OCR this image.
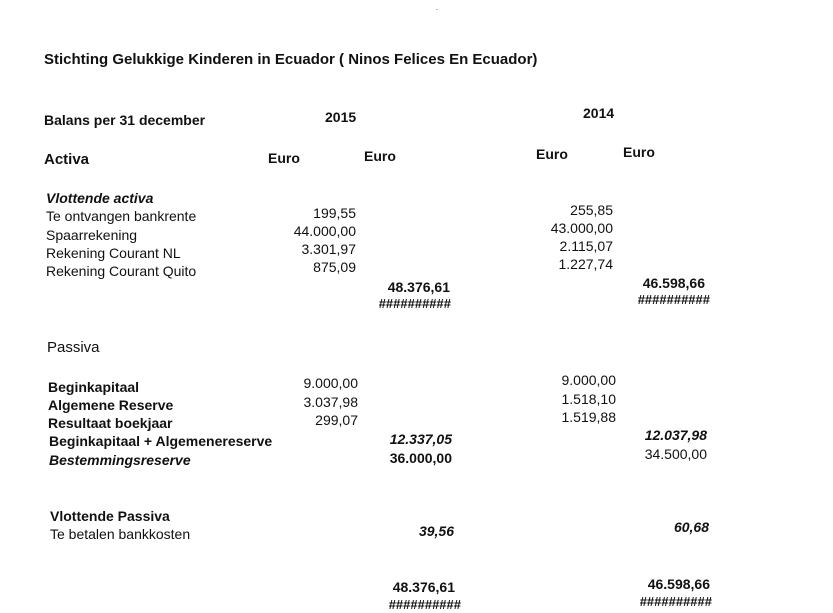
Stichting Gelukkige Kinderen in Ecuador ( Ninos Felices En Ecuador)
Balans per 31 december	2015	2014
Activa	Euro	Euro	Euro	Euro
Vlottende activa
Te ontvangen bankrente	199,55	255,85
Spaarrekening	44.000,00	43.000,00
Rekening Courant NL	3.301,97	2.115,07
Rekening Courant Quito	875,09	1.227,74
48.376,61	46.598,66
##########	##########
Passiva
Beginkapitaal	9.000,00	9.000,00
Algemene Reserve	3.037,98	1.518,10
Resultaat boekjaar	299,07	1.519,88
Beginkapitaal + Algemenereserve	12.337,05	12.037,98
Bestemmingsreserve	36.000,00	34.500,00
Vlottende Passiva
Te betalen bankkosten	39,56	60,68
48.376,61	46.598,66
##########	##########
